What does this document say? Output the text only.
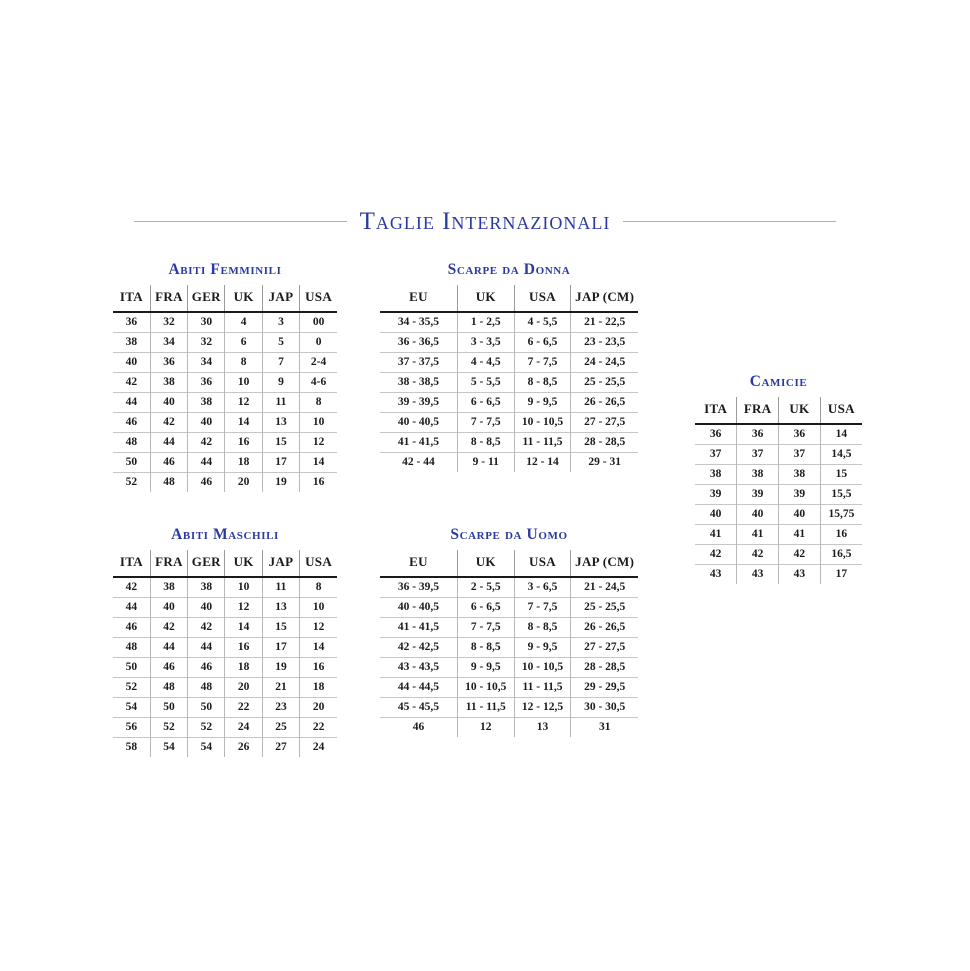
Taglie Internazionali
Abiti Femminili
ITA	FRA	GER	UK	JAP	USA
36	32	30	4	3	00
38	34	32	6	5	0
40	36	34	8	7	2-4
42	38	36	10	9	4-6
44	40	38	12	11	8
46	42	40	14	13	10
48	44	42	16	15	12
50	46	44	18	17	14
52	48	46	20	19	16
Scarpe da Donna
EU	UK	USA	JAP (CM)
34 - 35,5	1 - 2,5	4 - 5,5	21 - 22,5
36 - 36,5	3 - 3,5	6 - 6,5	23 - 23,5
37 - 37,5	4 - 4,5	7 - 7,5	24 - 24,5
38 - 38,5	5 - 5,5	8 - 8,5	25 - 25,5
39 - 39,5	6 - 6,5	9 - 9,5	26 - 26,5
40 - 40,5	7 - 7,5	10 - 10,5	27 - 27,5
41 - 41,5	8 - 8,5	11 - 11,5	28 - 28,5
42 - 44	9 - 11	12 - 14	29 - 31
Camicie
ITA	FRA	UK	USA
36	36	36	14
37	37	37	14,5
38	38	38	15
39	39	39	15,5
40	40	40	15,75
41	41	41	16
42	42	42	16,5
43	43	43	17
Abiti Maschili
ITA	FRA	GER	UK	JAP	USA
42	38	38	10	11	8
44	40	40	12	13	10
46	42	42	14	15	12
48	44	44	16	17	14
50	46	46	18	19	16
52	48	48	20	21	18
54	50	50	22	23	20
56	52	52	24	25	22
58	54	54	26	27	24
Scarpe da Uomo
EU	UK	USA	JAP (CM)
36 - 39,5	2 - 5,5	3 - 6,5	21 - 24,5
40 - 40,5	6 - 6,5	7 - 7,5	25 - 25,5
41 - 41,5	7 - 7,5	8 - 8,5	26 - 26,5
42 - 42,5	8 - 8,5	9 - 9,5	27 - 27,5
43 - 43,5	9 - 9,5	10 - 10,5	28 - 28,5
44 - 44,5	10 - 10,5	11 - 11,5	29 - 29,5
45 - 45,5	11 - 11,5	12 - 12,5	30 - 30,5
46	12	13	31
